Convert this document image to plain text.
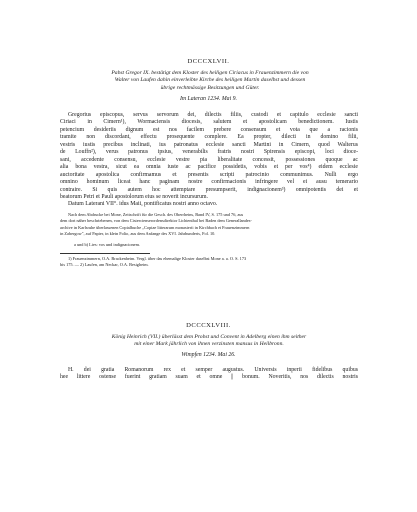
DCCCXLVII.
Pabst Gregor IX. bestätigt dem Kloster des heiligen Ciriacus in Frauenzimmern die von
Walter von Laufen dahin einverleibte Kirche des heiligen Martin daselbst und dessen
übrige rechtmässige Besitzungen und Güter.
Im Lateran 1234. Mai 9.
Gregorius episcopus, servus servorum dei, dilectis filiis, custodi et capitulo ecclesie sancti
Ciriaci in Cimern¹), Wormaciensis diocesis, salutem et apostolicam benedictionem. Iustis
petencium desideriis dignum est nos facilem prebere consensum et vota que a racionis
tramite non discordant, effectu prosequente complere. Ea propter, dilecti in domino filii,
vestris iustis precibus inclinati, ius patronatus ecclesie sancti Martini in Cimern, quod Walterus
de Louffn²), verus patronus ipsius, venerabilis fratris nostri Spirensis episcopi, loci dioce-
sani, accedente consensu, ecclesie vestre pia liberalitate concessit, possessiones quoque ac
alia bona vestra, sicut ea omnia iuste ac pacifice possidetis, vobis et per vos⁴) eidem ecclesie
auctoritate apostolica confirmamus et presentis scripti patrocinio communimus. Nulli ergo
omnino hominum liceat hanc paginam nostre confirmacionis infringere vel ei ausu temerario
contraire. Si quis autem hoc attemptare presumpserit, indignacionem³) omnipotentis dei et
beatorum Petri et Pauli apostolorum eius se noverit incursurum.
Datum Laterani VII°. idus Maii, pontificatus nostri anno octavo.
Nach dem Abdrucke bei Mone, Zeitschrift für die Gesch. des Oberrheins, Band IV, S. 175 und 76, aus
dem dort näher beschriebenen, von dem Cistercienserordensdirektor Lichtenthal bei Baden dem Generallandes-
archive in Karlsruhe überlassenen Copialbuche „Copiae litterarum monasterii in Kirchbach et Frauenzimmern
in Zabergow", auf Papier, in klein Folio, aus dem Anfange des XVI. Jahrhunderts, Fol. 10.
a und b) Lies: vos und indignacionem.
1) Frauenzimmern, O.A. Brackenheim. Vergl. über das ehemalige Kloster daselbst Mone a. a. O. S. 173
bis 175. — 2) Laufen, am Neckar, O.A. Besigheim.
DCCCXLVIII.
König Heinrich (VII.) überlässt dem Probst und Convent in Adelberg einen ihm seither
mit einer Mark jährlich von ihnen verzinsten mansus in Heilbronn.
Wimpfen 1234. Mai 26.
H. dei gratia Romanorum rex et semper augustus. Universis inperii fidelibus quibus
hee littere ostense fuerint gratiam suam et omne || bonum. Noveritis, nos dilectis nostris
